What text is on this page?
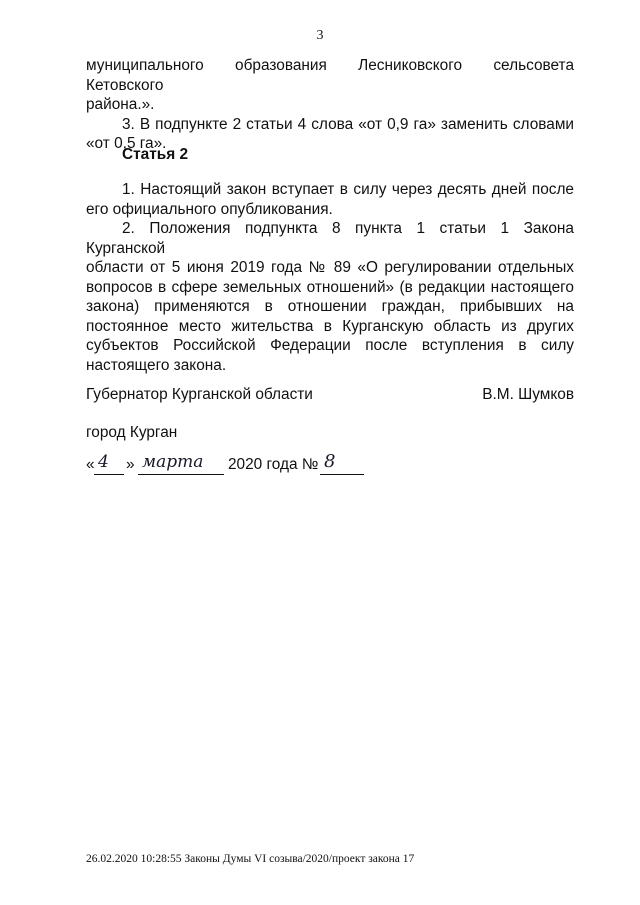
3
муниципального образования Лесниковского сельсовета Кетовского
района.».
3. В подпункте 2 статьи 4 слова «от 0,9 га» заменить словами
«от 0,5 га».
Статья 2
1. Настоящий закон вступает в силу через десять дней после
его официального опубликования.
2. Положения подпункта 8 пункта 1 статьи 1 Закона Курганской
области от 5 июня 2019 года № 89 «О регулировании отдельных
вопросов в сфере земельных отношений» (в редакции настоящего
закона) применяются в отношении граждан, прибывших на
постоянное место жительства в Курганскую область из других
субъектов Российской Федерации после вступления в силу
настоящего закона.
Губернатор Курганской области	В.М. Шумков
город Курган
« 4 » марта 2020 года № 8
26.02.2020 10:28:55 Законы Думы VI созыва/2020/проект закона 17
